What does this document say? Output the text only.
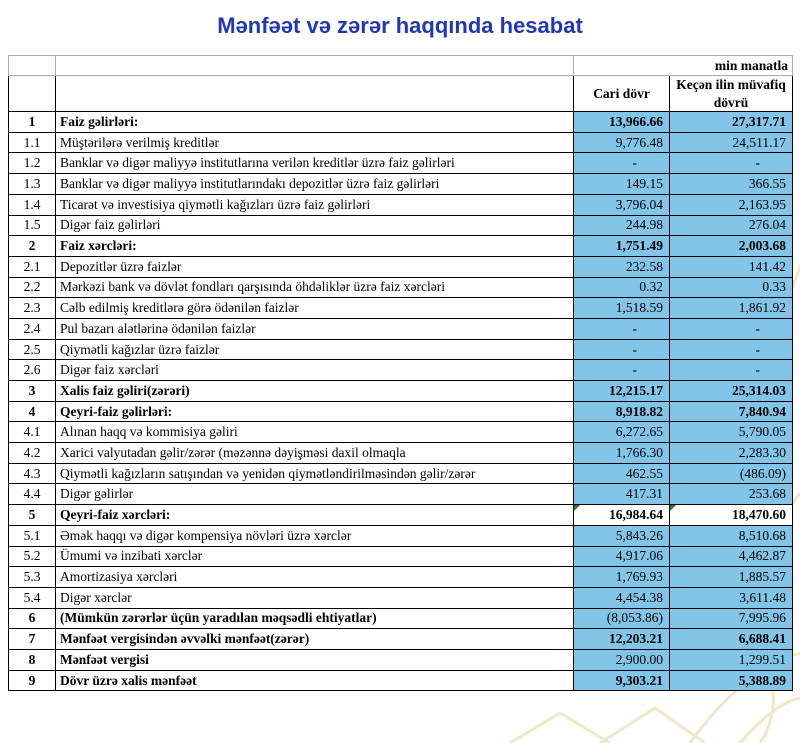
Mənfəət və zərər haqqında hesabat
		min manatla	
		Cari dövr	Keçən ilin müvafiq dövrü
1	Faiz gəlirləri:	13,966.66	27,317.71
1.1	Müştərilərə verilmiş kreditlər	9,776.48	24,511.17
1.2	Banklar və digər maliyyə institutlarına verilən kreditlər üzrə faiz gəlirləri	-	-
1.3	Banklar və digər maliyyə institutlarındakı depozitlər üzrə faiz gəlirləri	149.15	366.55
1.4	Ticarət və investisiya qiymətli kağızları üzrə faiz gəlirləri	3,796.04	2,163.95
1.5	Digər faiz gəlirləri	244.98	276.04
2	Faiz xərcləri:	1,751.49	2,003.68
2.1	Depozitlər üzrə faizlər	232.58	141.42
2.2	Mərkəzi bank və dövlət fondları qarşısında öhdəliklər üzrə faiz xərcləri	0.32	0.33
2.3	Cəlb edilmiş kreditlərə görə ödənilən faizlər	1,518.59	1,861.92
2.4	Pul bazarı alətlərinə ödənilən faizlər	-	-
2.5	Qiymətli kağızlar üzrə faizlər	-	-
2.6	Digər faiz xərcləri	-	-
3	Xalis faiz gəliri(zərəri)	12,215.17	25,314.03
4	Qeyri-faiz gəlirləri:	8,918.82	7,840.94
4.1	Alınan haqq və kommisiya gəliri	6,272.65	5,790.05
4.2	Xarici valyutadan gəlir/zərər (məzənnə dəyişməsi daxil olmaqla	1,766.30	2,283.30
4.3	Qiymətli kağızların satışından və yenidən qiymətləndirilməsindən gəlir/zərər	462.55	(486.09)
4.4	Digər gəlirlər	417.31	253.68
5	Qeyri-faiz xərcləri:	16,984.64	18,470.60

5.1	Əmək haqqı və digər kompensiya növləri üzrə xərclər	5,843.26	8,510.68
5.2	Ümumi və inzibati xərclər	4,917.06	4,462.87
5.3	Amortizasiya xərcləri	1,769.93	1,885.57
5.4	Digər xərclər	4,454.38	3,611.48
6	(Mümkün zərərlər üçün yaradılan məqsədli ehtiyatlar)	(8,053.86)	7,995.96
7	Mənfəət vergisindən əvvəlki mənfəət(zərər)	12,203.21	6,688.41
8	Mənfəət vergisi	2,900.00	1,299.51
9	Dövr üzrə xalis mənfəət	9,303.21	5,388.89
